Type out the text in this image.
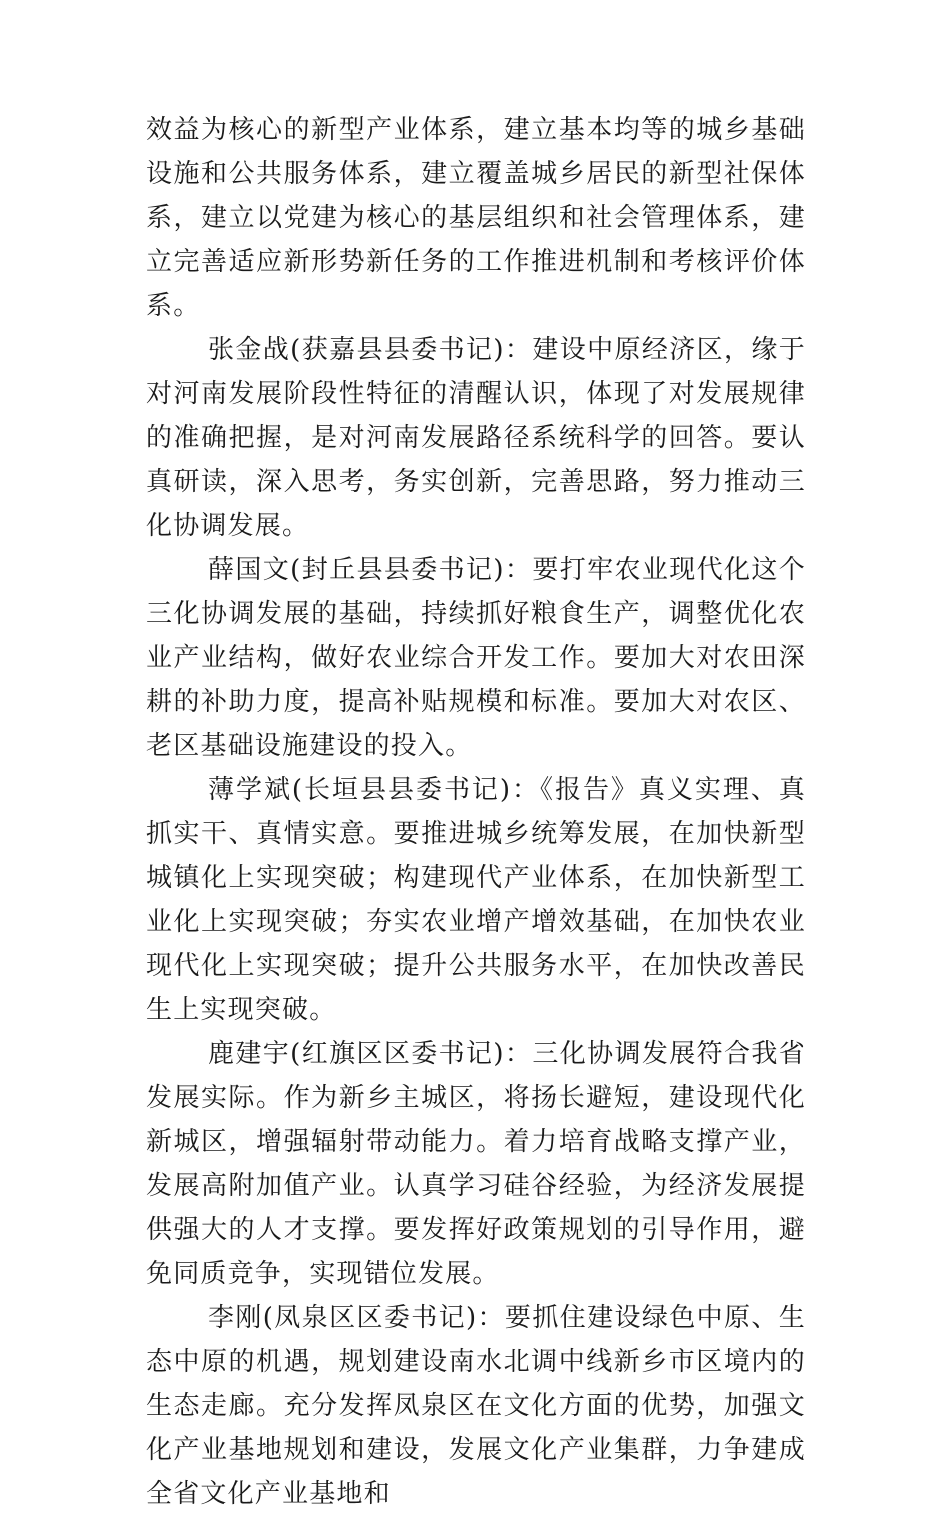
效益为核心的新型产业体系，建立基本均等的城乡基础设施和公共服务体系，建立覆盖城乡居民的新型社保体系，建立以党建为核心的基层组织和社会管理体系，建立完善适应新形势新任务的工作推进机制和考核评价体系。

张金战(获嘉县县委书记)：建设中原经济区，缘于对河南发展阶段性特征的清醒认识，体现了对发展规律的准确把握，是对河南发展路径系统科学的回答。要认真研读，深入思考，务实创新，完善思路，努力推动三化协调发展。

薛国文(封丘县县委书记)：要打牢农业现代化这个三化协调发展的基础，持续抓好粮食生产，调整优化农业产业结构，做好农业综合开发工作。要加大对农田深耕的补助力度，提高补贴规模和标准。要加大对农区、老区基础设施建设的投入。

薄学斌(长垣县县委书记)：《报告》真义实理、真抓实干、真情实意。要推进城乡统筹发展，在加快新型城镇化上实现突破；构建现代产业体系，在加快新型工业化上实现突破；夯实农业增产增效基础，在加快农业现代化上实现突破；提升公共服务水平，在加快改善民生上实现突破。

鹿建宇(红旗区区委书记)：三化协调发展符合我省发展实际。作为新乡主城区，将扬长避短，建设现代化新城区，增强辐射带动能力。着力培育战略支撑产业，发展高附加值产业。认真学习硅谷经验，为经济发展提供强大的人才支撑。要发挥好政策规划的引导作用，避免同质竞争，实现错位发展。

李刚(凤泉区区委书记)：要抓住建设绿色中原、生态中原的机遇，规划建设南水北调中线新乡市区境内的生态走廊。充分发挥凤泉区在文化方面的优势，加强文化产业基地规划和建设，发展文化产业集群，力争建成全省文化产业基地和
